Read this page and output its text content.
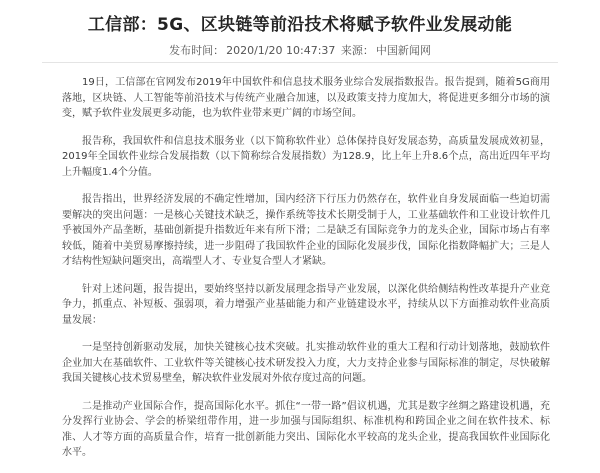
工信部：5G、区块链等前沿技术将赋予软件业发展动能
发布时间： 2020/1/20 10:47:37 来源： 中国新闻网

19日，工信部在官网发布2019年中国软件和信息技术服务业综合发展指数报告。报告提到，随着5G商用落地，区块链、人工智能等前沿技术与传统产业融合加速，以及政策支持力度加大，将促进更多细分市场的演变，赋予软件业发展更多动能，也为软件业带来更广阔的市场空间。

报告称，我国软件和信息技术服务业（以下简称软件业）总体保持良好发展态势，高质量发展成效初显，2019年全国软件业综合发展指数（以下简称综合发展指数）为128.9，比上年上升8.6个点，高出近四年平均上升幅度1.4个分值。

报告指出，世界经济发展的不确定性增加，国内经济下行压力仍然存在，软件业自身发展面临一些迫切需要解决的突出问题：一是核心关键技术缺乏，操作系统等技术长期受制于人，工业基础软件和工业设计软件几乎被国外产品垄断，基础创新提升指数近年来有所下滑；二是缺乏有国际竞争力的龙头企业，国际市场占有率较低，随着中美贸易摩擦持续，进一步阻碍了我国软件企业的国际化发展步伐，国际化指数降幅扩大；三是人才结构性短缺问题突出，高端型人才、专业复合型人才紧缺。

针对上述问题，报告提出，要始终坚持以新发展理念指导产业发展，以深化供给侧结构性改革提升产业竞争力，抓重点、补短板、强弱项，着力增强产业基础能力和产业链建设水平，持续从以下方面推动软件业高质量发展：

一是坚持创新驱动发展，加快关键核心技术突破。扎实推动软件业的重大工程和行动计划落地，鼓励软件企业加大在基础软件、工业软件等关键核心技术研发投入力度，大力支持企业参与国际标准的制定，尽快破解我国关键核心技术贸易壁垒，解决软件业发展对外依存度过高的问题。

二是推动产业国际合作，提高国际化水平。抓住“一带一路”倡议机遇，尤其是数字丝绸之路建设机遇，充分发挥行业协会、学会的桥梁纽带作用，进一步加强与国际组织、标准机构和跨国企业之间在软件技术、标准、人才等方面的高质量合作，培育一批创新能力突出、国际化水平较高的龙头企业，提高我国软件业国际化水平。
